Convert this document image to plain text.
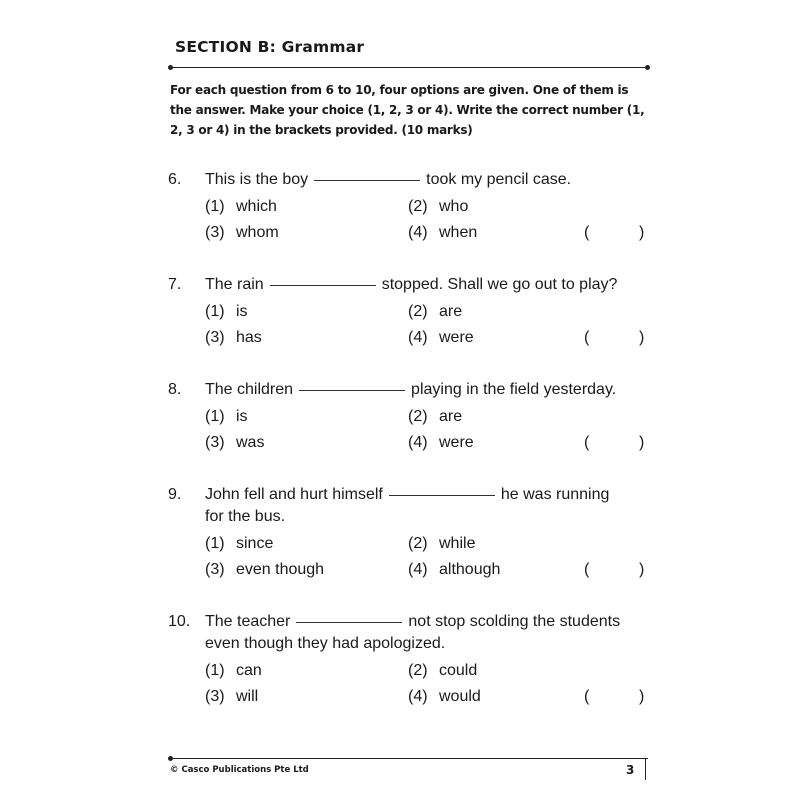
SECTION B: Grammar
For each question from 6 to 10, four options are given. One of them is the answer. Make your choice (1, 2, 3 or 4). Write the correct number (1, 2, 3 or 4) in the brackets provided. (10 marks)
6. This is the boy	took my pencil case.
(1) which	(2) who
(3) whom	(4) when	(	)
7. The rain	stopped. Shall we go out to play?
(1) is	(2) are
(3) has	(4) were	(	)
8. The children	playing in the field yesterday.
(1) is	(2) are
(3) was	(4) were	(	)
9. John fell and hurt himself	he was running
for the bus.
(1) since	(2) while
(3) even though	(4) although	(	)
10. The teacher	not stop scolding the students
even though they had apologized.
(1) can	(2) could
(3) will	(4) would	(	)
© Casco Publications Pte Ltd	3
